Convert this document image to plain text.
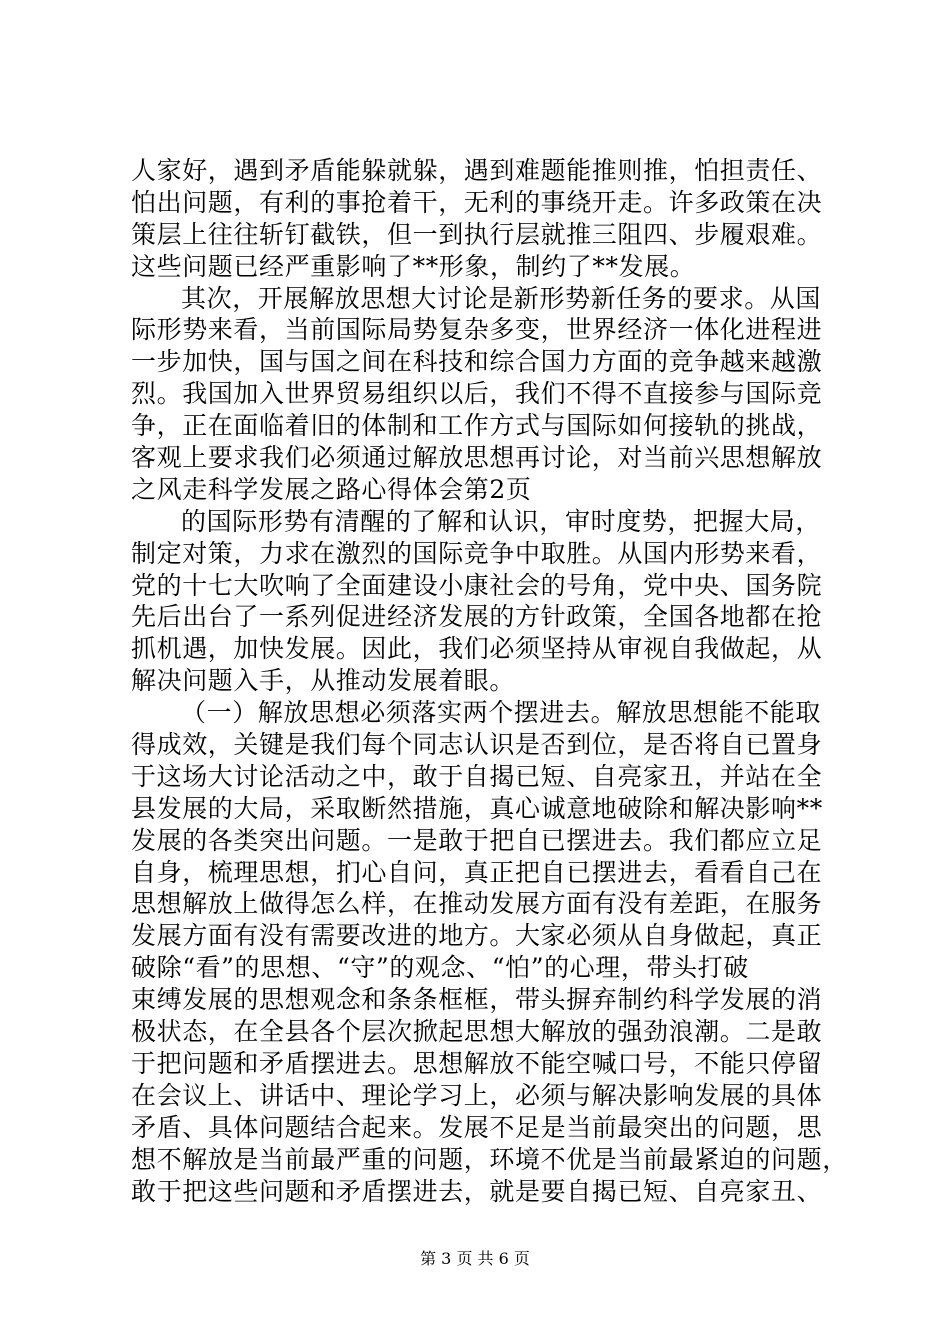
人家好，遇到矛盾能躲就躲，遇到难题能推则推，怕担责任、
怕出问题，有利的事抢着干，无利的事绕开走。许多政策在决
策层上往往斩钉截铁，但一到执行层就推三阻四、步履艰难。
这些问题已经严重影响了**形象，制约了**发展。
其次，开展解放思想大讨论是新形势新任务的要求。从国
际形势来看，当前国际局势复杂多变，世界经济一体化进程进
一步加快，国与国之间在科技和综合国力方面的竞争越来越激
烈。我国加入世界贸易组织以后，我们不得不直接参与国际竞
争，正在面临着旧的体制和工作方式与国际如何接轨的挑战，
客观上要求我们必须通过解放思想再讨论，对当前兴思想解放
之风走科学发展之路心得体会第2页
的国际形势有清醒的了解和认识，审时度势，把握大局，
制定对策，力求在激烈的国际竞争中取胜。从国内形势来看，
党的十七大吹响了全面建设小康社会的号角，党中央、国务院
先后出台了一系列促进经济发展的方针政策，全国各地都在抢
抓机遇，加快发展。因此，我们必须坚持从审视自我做起，从
解决问题入手，从推动发展着眼。
（一）解放思想必须落实两个摆进去。解放思想能不能取
得成效，关键是我们每个同志认识是否到位，是否将自已置身
于这场大讨论活动之中，敢于自揭已短、自亮家丑，并站在全
县发展的大局，采取断然措施，真心诚意地破除和解决影响**
发展的各类突出问题。一是敢于把自已摆进去。我们都应立足
自身，梳理思想，扪心自问，真正把自已摆进去，看看自己在
思想解放上做得怎么样，在推动发展方面有没有差距，在服务
发展方面有没有需要改进的地方。大家必须从自身做起，真正
破除“看”的思想、“守”的观念、“怕”的心理，带头打破
束缚发展的思想观念和条条框框，带头摒弃制约科学发展的消
极状态，在全县各个层次掀起思想大解放的强劲浪潮。二是敢
于把问题和矛盾摆进去。思想解放不能空喊口号，不能只停留
在会议上、讲话中、理论学习上，必须与解决影响发展的具体
矛盾、具体问题结合起来。发展不足是当前最突出的问题，思
想不解放是当前最严重的问题，环境不优是当前最紧迫的问题，
敢于把这些问题和矛盾摆进去，就是要自揭已短、自亮家丑、
第 3 页 共 6 页
